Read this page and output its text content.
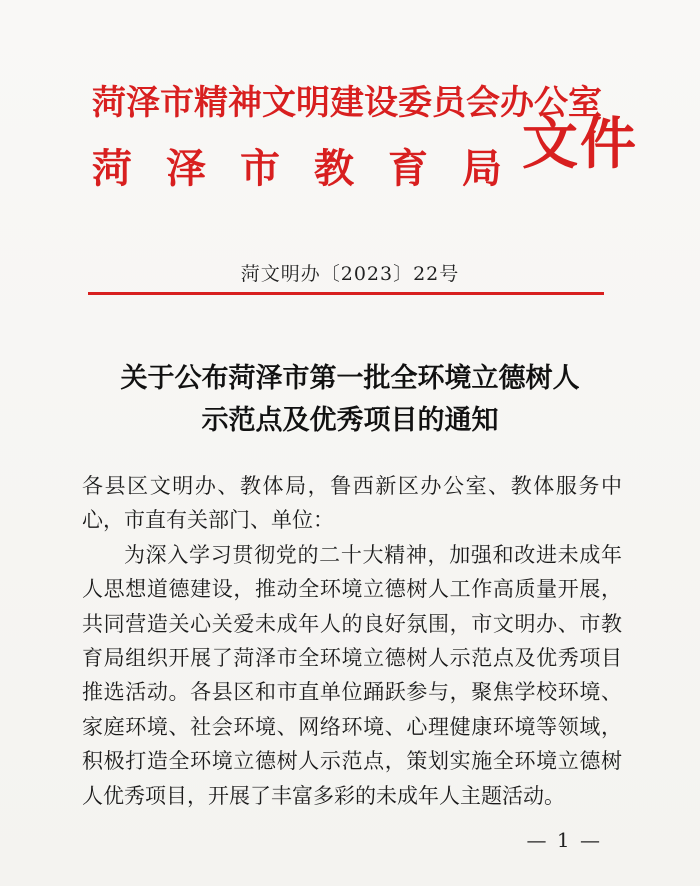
菏泽市精神文明建设委员会办公室
菏泽市教育局
文件
菏文明办〔2023〕22号
关于公布菏泽市第一批全环境立德树人
示范点及优秀项目的通知

各县区文明办、教体局，鲁西新区办公室、教体服务中心，市直有关部门、单位：

为深入学习贯彻党的二十大精神，加强和改进未成年人思想道德建设，推动全环境立德树人工作高质量开展，共同营造关心关爱未成年人的良好氛围，市文明办、市教育局组织开展了菏泽市全环境立德树人示范点及优秀项目推选活动。各县区和市直单位踊跃参与，聚焦学校环境、家庭环境、社会环境、网络环境、心理健康环境等领域，积极打造全环境立德树人示范点，策划实施全环境立德树人优秀项目，开展了丰富多彩的未成年人主题活动。

— 1 —
